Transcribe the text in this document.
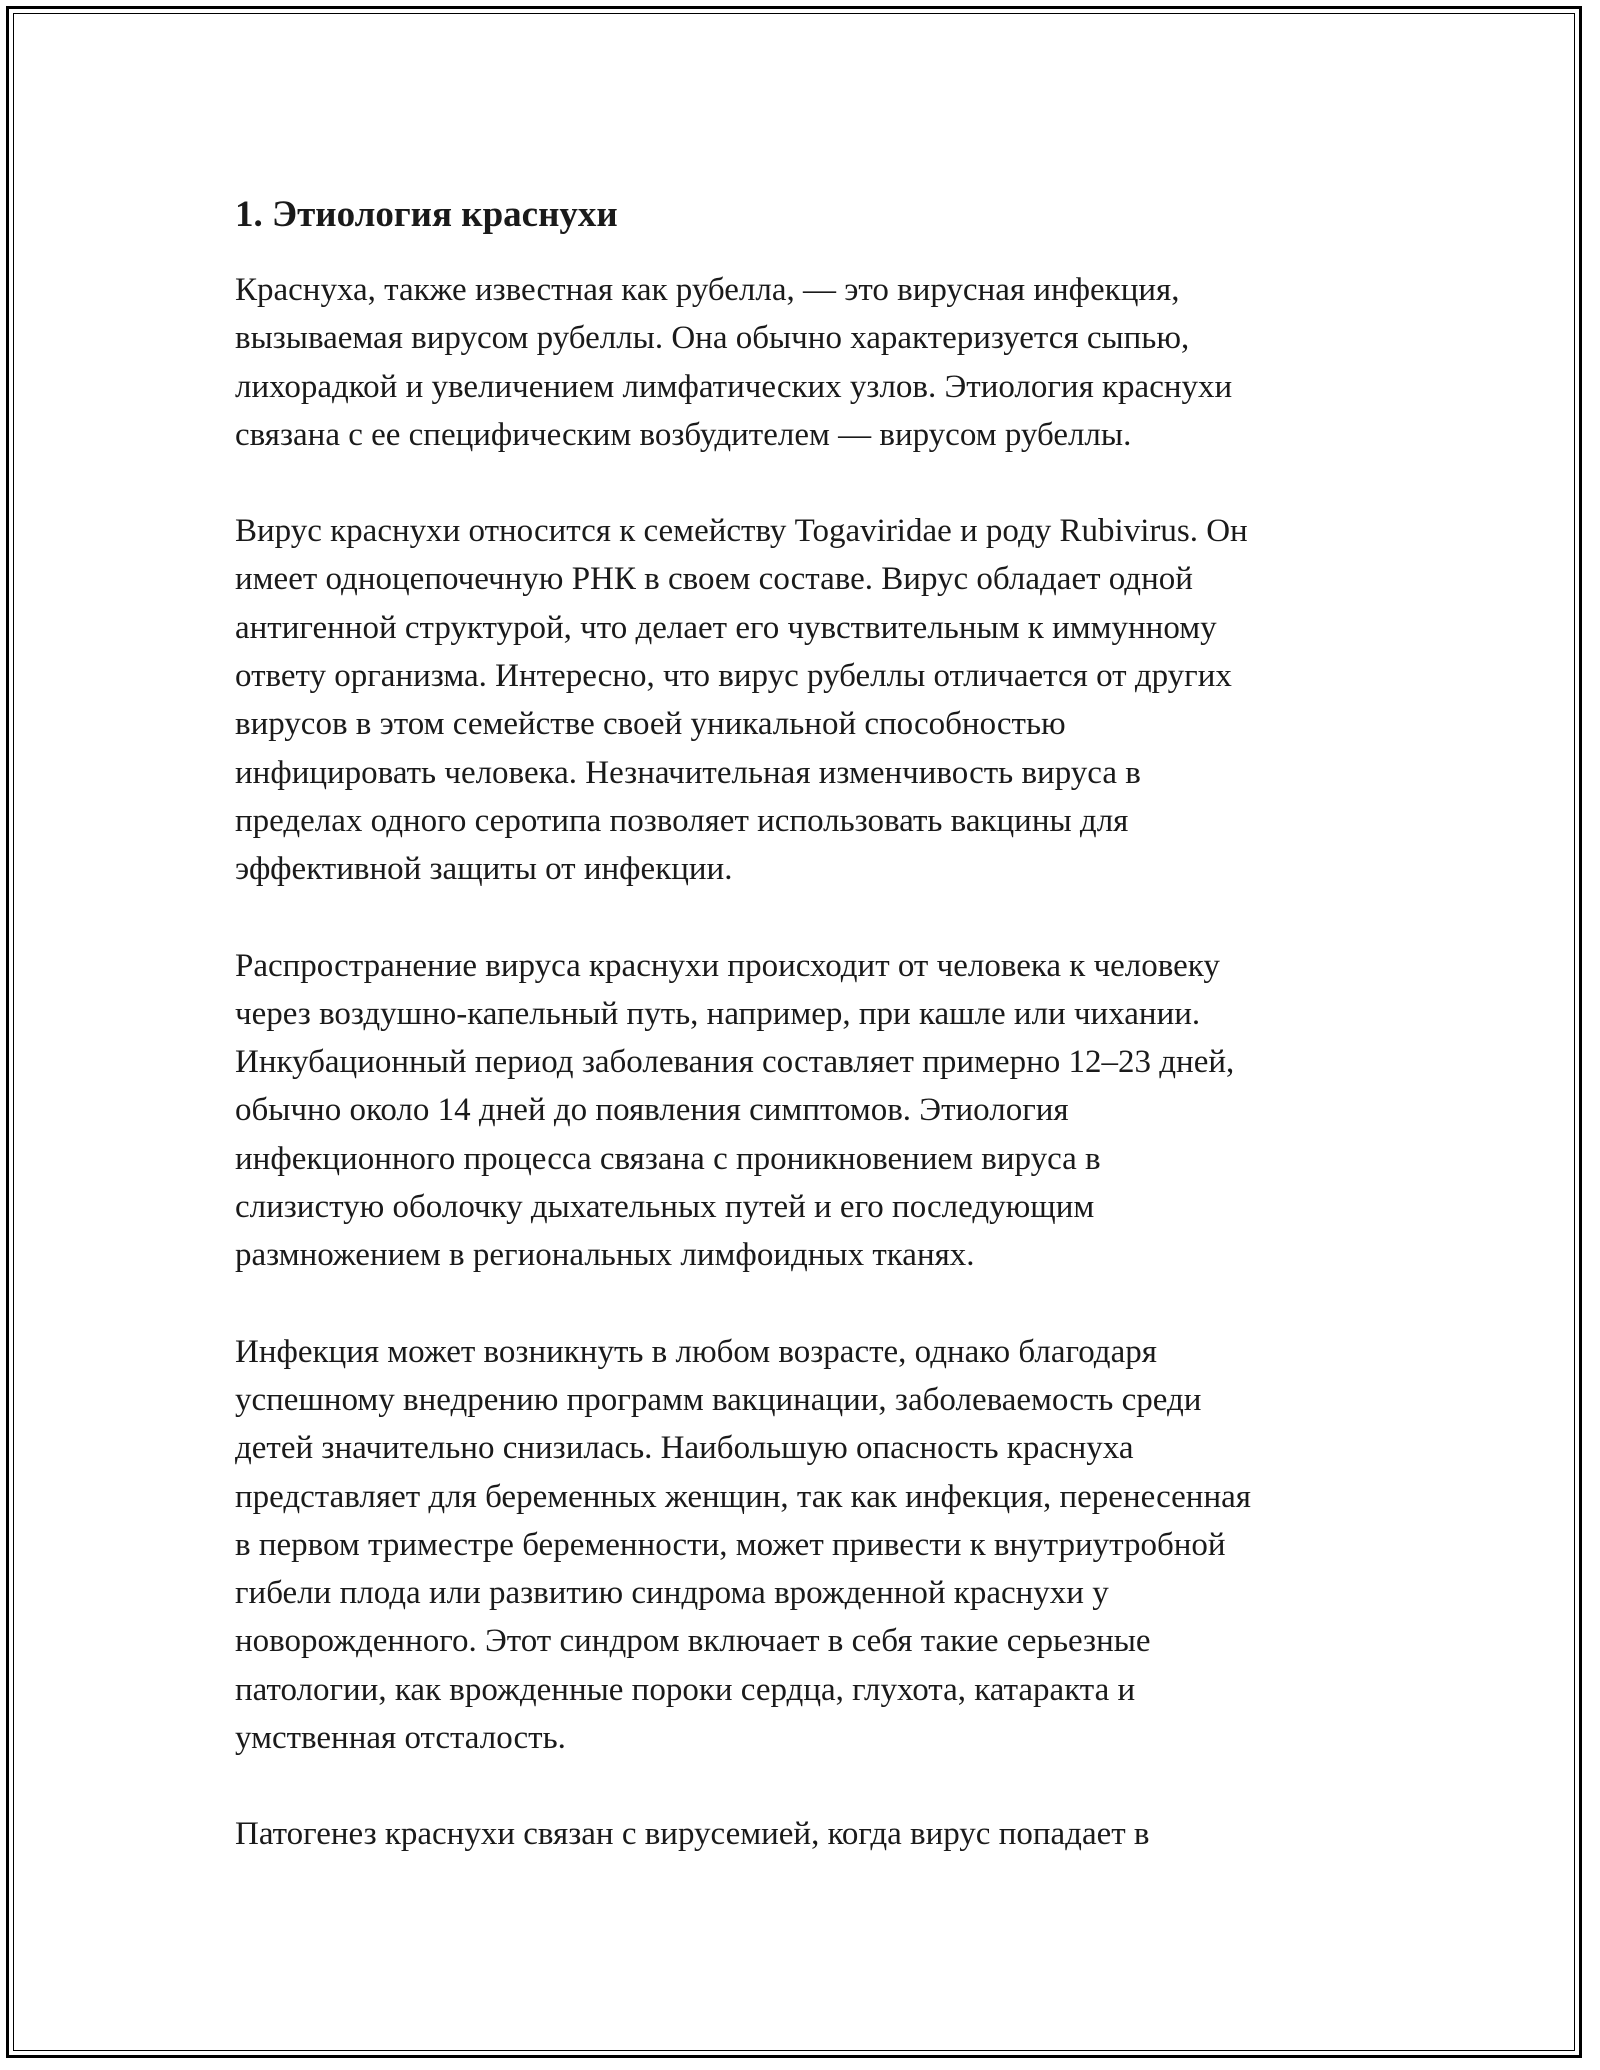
1. Этиология краснухи

Краснуха, также известная как рубелла, — это вирусная инфекция,
вызываемая вирусом рубеллы. Она обычно характеризуется сыпью,
лихорадкой и увеличением лимфатических узлов. Этиология краснухи
связана с ее специфическим возбудителем — вирусом рубеллы.

Вирус краснухи относится к семейству Togaviridae и роду Rubivirus. Он
имеет одноцепочечную РНК в своем составе. Вирус обладает одной
антигенной структурой, что делает его чувствительным к иммунному
ответу организма. Интересно, что вирус рубеллы отличается от других
вирусов в этом семействе своей уникальной способностью
инфицировать человека. Незначительная изменчивость вируса в
пределах одного серотипа позволяет использовать вакцины для
эффективной защиты от инфекции.

Распространение вируса краснухи происходит от человека к человеку
через воздушно-капельный путь, например, при кашле или чихании.
Инкубационный период заболевания составляет примерно 12–23 дней,
обычно около 14 дней до появления симптомов. Этиология
инфекционного процесса связана с проникновением вируса в
слизистую оболочку дыхательных путей и его последующим
размножением в региональных лимфоидных тканях.

Инфекция может возникнуть в любом возрасте, однако благодаря
успешному внедрению программ вакцинации, заболеваемость среди
детей значительно снизилась. Наибольшую опасность краснуха
представляет для беременных женщин, так как инфекция, перенесенная
в первом триместре беременности, может привести к внутриутробной
гибели плода или развитию синдрома врожденной краснухи у
новорожденного. Этот синдром включает в себя такие серьезные
патологии, как врожденные пороки сердца, глухота, катаракта и
умственная отсталость.

Патогенез краснухи связан с вирусемией, когда вирус попадает в
